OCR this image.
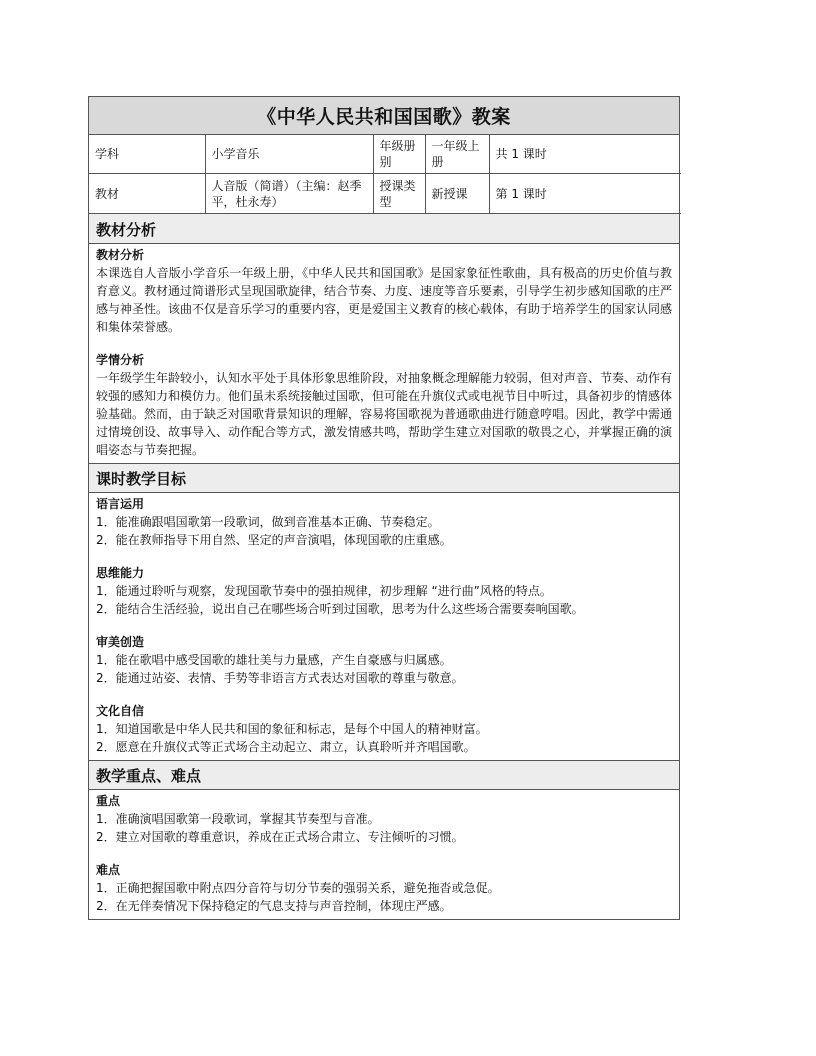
《中华人民共和国国歌》教案
学科	小学音乐	年级册别	一年级上册	共 1 课时
教材	人音版（简谱）（主编：赵季平，杜永寿）	授课类型	新授课	第 1 课时
教材分析
教材分析

本课选自人音版小学音乐一年级上册，《中华人民共和国国歌》是国家象征性歌曲，具有极高的历史价值与教育意义。教材通过简谱形式呈现国歌旋律，结合节奏、力度、速度等音乐要素，引导学生初步感知国歌的庄严感与神圣性。该曲不仅是音乐学习的重要内容，更是爱国主义教育的核心载体，有助于培养学生的国家认同感和集体荣誉感。

学情分析

一年级学生年龄较小，认知水平处于具体形象思维阶段，对抽象概念理解能力较弱，但对声音、节奏、动作有较强的感知力和模仿力。他们虽未系统接触过国歌，但可能在升旗仪式或电视节目中听过，具备初步的情感体验基础。然而，由于缺乏对国歌背景知识的理解，容易将国歌视为普通歌曲进行随意哼唱。因此，教学中需通过情境创设、故事导入、动作配合等方式，激发情感共鸣，帮助学生建立对国歌的敬畏之心，并掌握正确的演唱姿态与节奏把握。

课时教学目标
语言运用

1．能准确跟唱国歌第一段歌词，做到音准基本正确、节奏稳定。

2．能在教师指导下用自然、坚定的声音演唱，体现国歌的庄重感。

思维能力

1．能通过聆听与观察，发现国歌节奏中的强拍规律，初步理解 “进行曲”风格的特点。

2．能结合生活经验，说出自己在哪些场合听到过国歌，思考为什么这些场合需要奏响国歌。

审美创造

1．能在歌唱中感受国歌的雄壮美与力量感，产生自豪感与归属感。

2．能通过站姿、表情、手势等非语言方式表达对国歌的尊重与敬意。

文化自信

1．知道国歌是中华人民共和国的象征和标志，是每个中国人的精神财富。

2．愿意在升旗仪式等正式场合主动起立、肃立，认真聆听并齐唱国歌。

教学重点、难点
重点

1．准确演唱国歌第一段歌词，掌握其节奏型与音准。

2．建立对国歌的尊重意识，养成在正式场合肃立、专注倾听的习惯。

难点

1．正确把握国歌中附点四分音符与切分节奏的强弱关系，避免拖沓或急促。

2．在无伴奏情况下保持稳定的气息支持与声音控制，体现庄严感。
